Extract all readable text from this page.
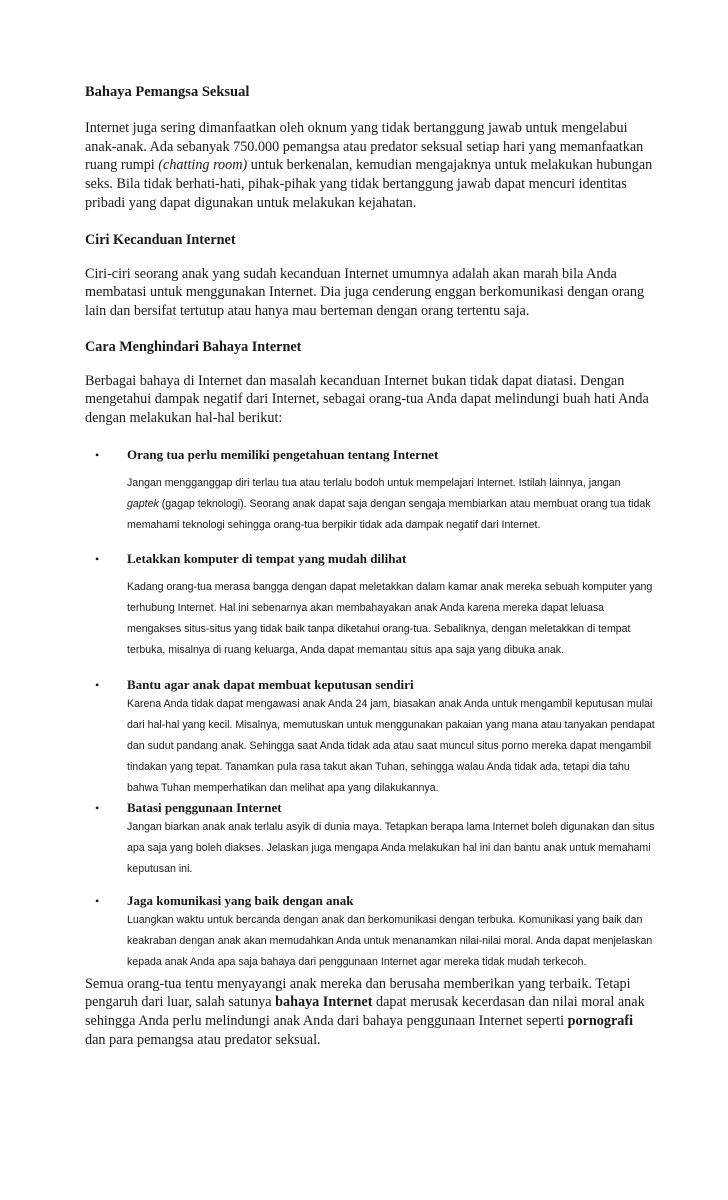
Bahaya Pemangsa Seksual

Internet juga sering dimanfaatkan oleh oknum yang tidak bertanggung jawab untuk mengelabui anak-anak. Ada sebanyak 750.000 pemangsa atau predator seksual setiap hari yang memanfaatkan ruang rumpi (chatting room) untuk berkenalan, kemudian mengajaknya untuk melakukan hubungan seks. Bila tidak berhati-hati, pihak-pihak yang tidak bertanggung jawab dapat mencuri identitas pribadi yang dapat digunakan untuk melakukan kejahatan.

Ciri Kecanduan Internet

Ciri-ciri seorang anak yang sudah kecanduan Internet umumnya adalah akan marah bila Anda membatasi untuk menggunakan Internet. Dia juga cenderung enggan berkomunikasi dengan orang lain dan bersifat tertutup atau hanya mau berteman dengan orang tertentu saja.

Cara Menghindari Bahaya Internet

Berbagai bahaya di Internet dan masalah kecanduan Internet bukan tidak dapat diatasi. Dengan mengetahui dampak negatif dari Internet, sebagai orang-tua Anda dapat melindungi buah hati Anda dengan melakukan hal-hal berikut:

• Orang tua perlu memiliki pengetahuan tentang Internet

Jangan mengganggap diri terlau tua atau terlalu bodoh untuk mempelajari Internet. Istilah lainnya, jangan gaptek (gagap teknologi). Seorang anak dapat saja dengan sengaja membiarkan atau membuat orang tua tidak memahami teknologi sehingga orang-tua berpikir tidak ada dampak negatif dari Internet.

• Letakkan komputer di tempat yang mudah dilihat

Kadang orang-tua merasa bangga dengan dapat meletakkan dalam kamar anak mereka sebuah komputer yang terhubung Internet. Hal ini sebenarnya akan membahayakan anak Anda karena mereka dapat leluasa mengakses situs-situs yang tidak baik tanpa diketahui orang-tua. Sebaliknya, dengan meletakkan di tempat terbuka, misalnya di ruang keluarga, Anda dapat memantau situs apa saja yang dibuka anak.

• Bantu agar anak dapat membuat keputusan sendiri

Karena Anda tidak dapat mengawasi anak Anda 24 jam, biasakan anak Anda untuk mengambil keputusan mulai dari hal-hal yang kecil. Misalnya, memutuskan untuk menggunakan pakaian yang mana atau tanyakan pendapat dan sudut pandang anak. Sehingga saat Anda tidak ada atau saat muncul situs porno mereka dapat mengambil tindakan yang tepat. Tanamkan pula rasa takut akan Tuhan, sehingga walau Anda tidak ada, tetapi dia tahu bahwa Tuhan memperhatikan dan melihat apa yang dilakukannya.

• Batasi penggunaan Internet

Jangan biarkan anak anak terlalu asyik di dunia maya. Tetapkan berapa lama Internet boleh digunakan dan situs apa saja yang boleh diakses. Jelaskan juga mengapa Anda melakukan hal ini dan bantu anak untuk memahami keputusan ini.

• Jaga komunikasi yang baik dengan anak

Luangkan waktu untuk bercanda dengan anak dan berkomunikasi dengan terbuka. Komunikasi yang baik dan keakraban dengan anak akan memudahkan Anda untuk menanamkan nilai-nilai moral. Anda dapat menjelaskan kepada anak Anda apa saja bahaya dari penggunaan Internet agar mereka tidak mudah terkecoh.

Semua orang-tua tentu menyayangi anak mereka dan berusaha memberikan yang terbaik. Tetapi pengaruh dari luar, salah satunya bahaya Internet dapat merusak kecerdasan dan nilai moral anak sehingga Anda perlu melindungi anak Anda dari bahaya penggunaan Internet seperti pornografi dan para pemangsa atau predator seksual.
